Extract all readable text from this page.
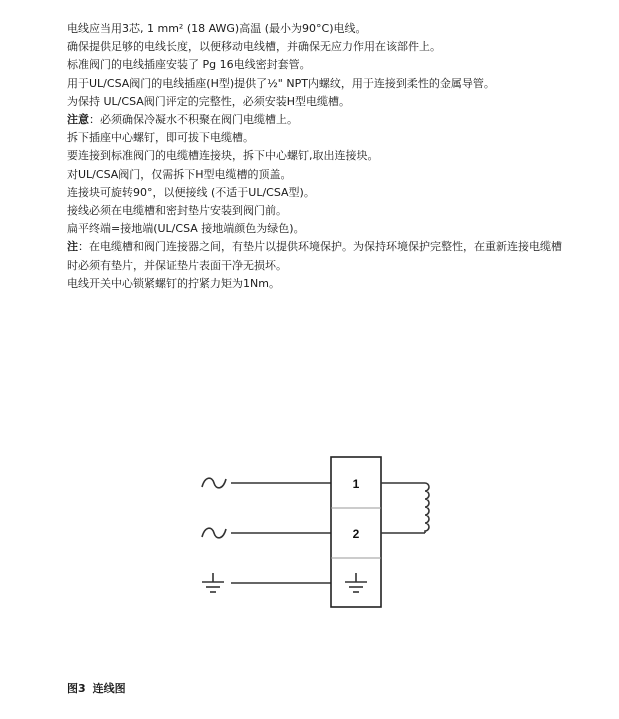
电线应当用3芯, 1 mm² (18 AWG)高温 (最小为90°C)电线。
确保提供足够的电线长度，以便移动电线槽，并确保无应力作用在该部件上。
标准阀门的电线插座安装了 Pg 16电线密封套管。
用于UL/CSA阀门的电线插座(H型)提供了½" NPT内螺纹，用于连接到柔性的金属导管。
为保持 UL/CSA阀门评定的完整性，必须安装H型电缆槽。
注意：必须确保冷凝水不积聚在阀门电缆槽上。
拆下插座中心螺钉，即可拔下电缆槽。
要连接到标准阀门的电缆槽连接块，拆下中心螺钉,取出连接块。
对UL/CSA阀门，仅需拆下H型电缆槽的顶盖。
连接块可旋转90°，以便接线 (不适于UL/CSA型)。
接线必须在电缆槽和密封垫片安装到阀门前。
扁平终端=接地端(UL/CSA 接地端颜色为绿色)。
注：在电缆槽和阀门连接器之间，有垫片以提供环境保护。为保持环境保护完整性，在重新连接电缆槽时必须有垫片，并保证垫片表面干净无损坏。
电线开关中心锁紧螺钉的拧紧力矩为1Nm。
1
2
图3 连线图
